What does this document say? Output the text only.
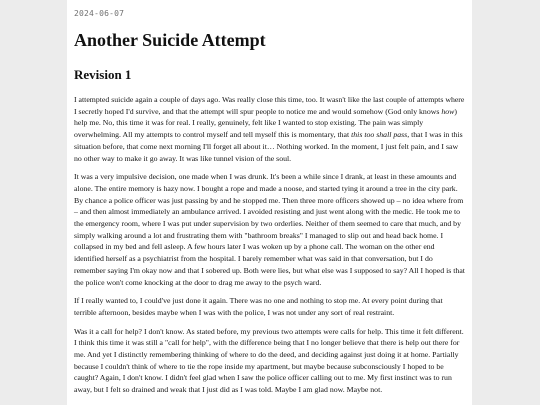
2024-06-07
Another Suicide Attempt
Revision 1

I attempted suicide again a couple of days ago. Was really close this time, too. It wasn't like the last couple of attempts where I secretly hoped I'd survive, and that the attempt will spur people to notice me and would somehow (God only knows how) help me. No, this time it was for real. I really, genuinely, felt like I wanted to stop existing. The pain was simply overwhelming. All my attempts to control myself and tell myself this is momentary, that this too shall pass, that I was in this situation before, that come next morning I'll forget all about it… Nothing worked. In the moment, I just felt pain, and I saw no other way to make it go away. It was like tunnel vision of the soul.

It was a very impulsive decision, one made when I was drunk. It's been a while since I drank, at least in these amounts and alone. The entire memory is hazy now. I bought a rope and made a noose, and started tying it around a tree in the city park. By chance a police officer was just passing by and he stopped me. Then three more officers showed up – no idea where from – and then almost immediately an ambulance arrived. I avoided resisting and just went along with the medic. He took me to the emergency room, where I was put under supervision by two orderlies. Neither of them seemed to care that much, and by simply walking around a lot and frustrating them with "bathroom breaks" I managed to slip out and head back home. I collapsed in my bed and fell asleep. A few hours later I was woken up by a phone call. The woman on the other end identified herself as a psychiatrist from the hospital. I barely remember what was said in that conversation, but I do remember saying I'm okay now and that I sobered up. Both were lies, but what else was I supposed to say? All I hoped is that the police won't come knocking at the door to drag me away to the psych ward.

If I really wanted to, I could've just done it again. There was no one and nothing to stop me. At every point during that terrible afternoon, besides maybe when I was with the police, I was not under any sort of real restraint.

Was it a call for help? I don't know. As stated before, my previous two attempts were calls for help. This time it felt different. I think this time it was still a "call for help", with the difference being that I no longer believe that there is help out there for me. And yet I distinctly remembering thinking of where to do the deed, and deciding against just doing it at home. Partially because I couldn't think of where to tie the rope inside my apartment, but maybe because subconsciously I hoped to be caught? Again, I don't know. I didn't feel glad when I saw the police officer calling out to me. My first instinct was to run away, but I felt so drained and weak that I just did as I was told. Maybe I am glad now. Maybe not.
